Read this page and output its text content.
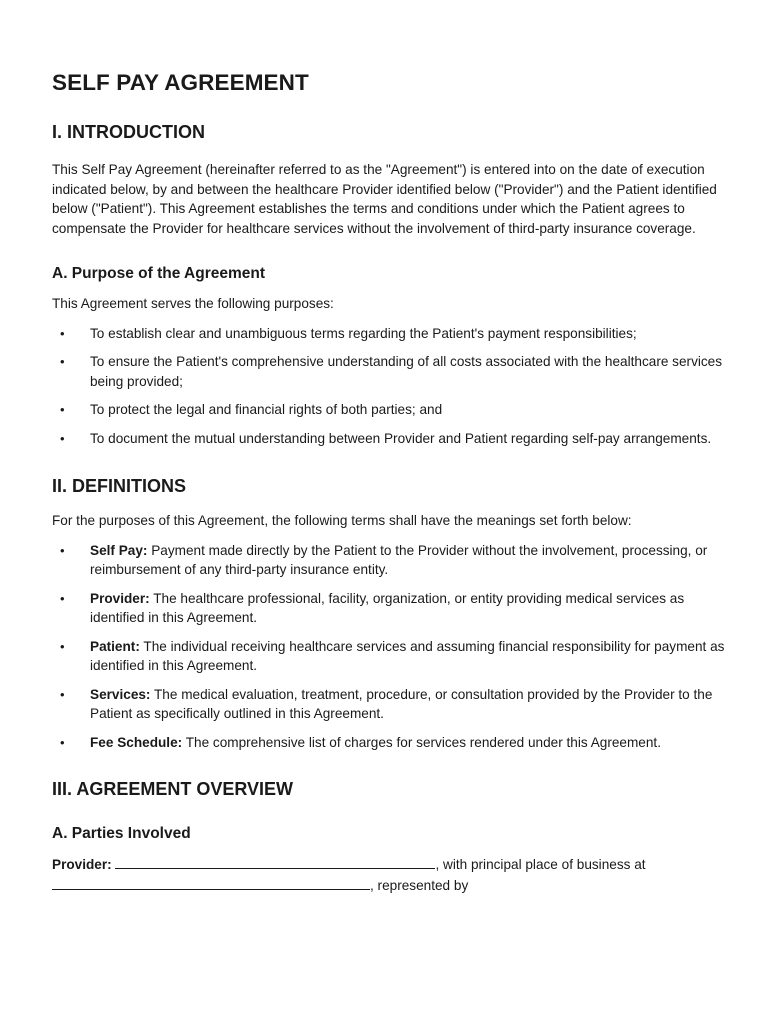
SELF PAY AGREEMENT
I. INTRODUCTION

This Self Pay Agreement (hereinafter referred to as the "Agreement") is entered into on the date of execution indicated below, by and between the healthcare Provider identified below ("Provider") and the Patient identified below ("Patient"). This Agreement establishes the terms and conditions under which the Patient agrees to compensate the Provider for healthcare services without the involvement of third-party insurance coverage.

A. Purpose of the Agreement

This Agreement serves the following purposes:

• To establish clear and unambiguous terms regarding the Patient's payment responsibilities;
• To ensure the Patient's comprehensive understanding of all costs associated with the healthcare services being provided;
• To protect the legal and financial rights of both parties; and
• To document the mutual understanding between Provider and Patient regarding self-pay arrangements.
II. DEFINITIONS

For the purposes of this Agreement, the following terms shall have the meanings set forth below:

• Self Pay: Payment made directly by the Patient to the Provider without the involvement, processing, or reimbursement of any third-party insurance entity.
• Provider: The healthcare professional, facility, organization, or entity providing medical services as identified in this Agreement.
• Patient: The individual receiving healthcare services and assuming financial responsibility for payment as identified in this Agreement.
• Services: The medical evaluation, treatment, procedure, or consultation provided by the Provider to the Patient as specifically outlined in this Agreement.
• Fee Schedule: The comprehensive list of charges for services rendered under this Agreement.
III. AGREEMENT OVERVIEW
A. Parties Involved

Provider:	, with principal place of business at
, represented by
